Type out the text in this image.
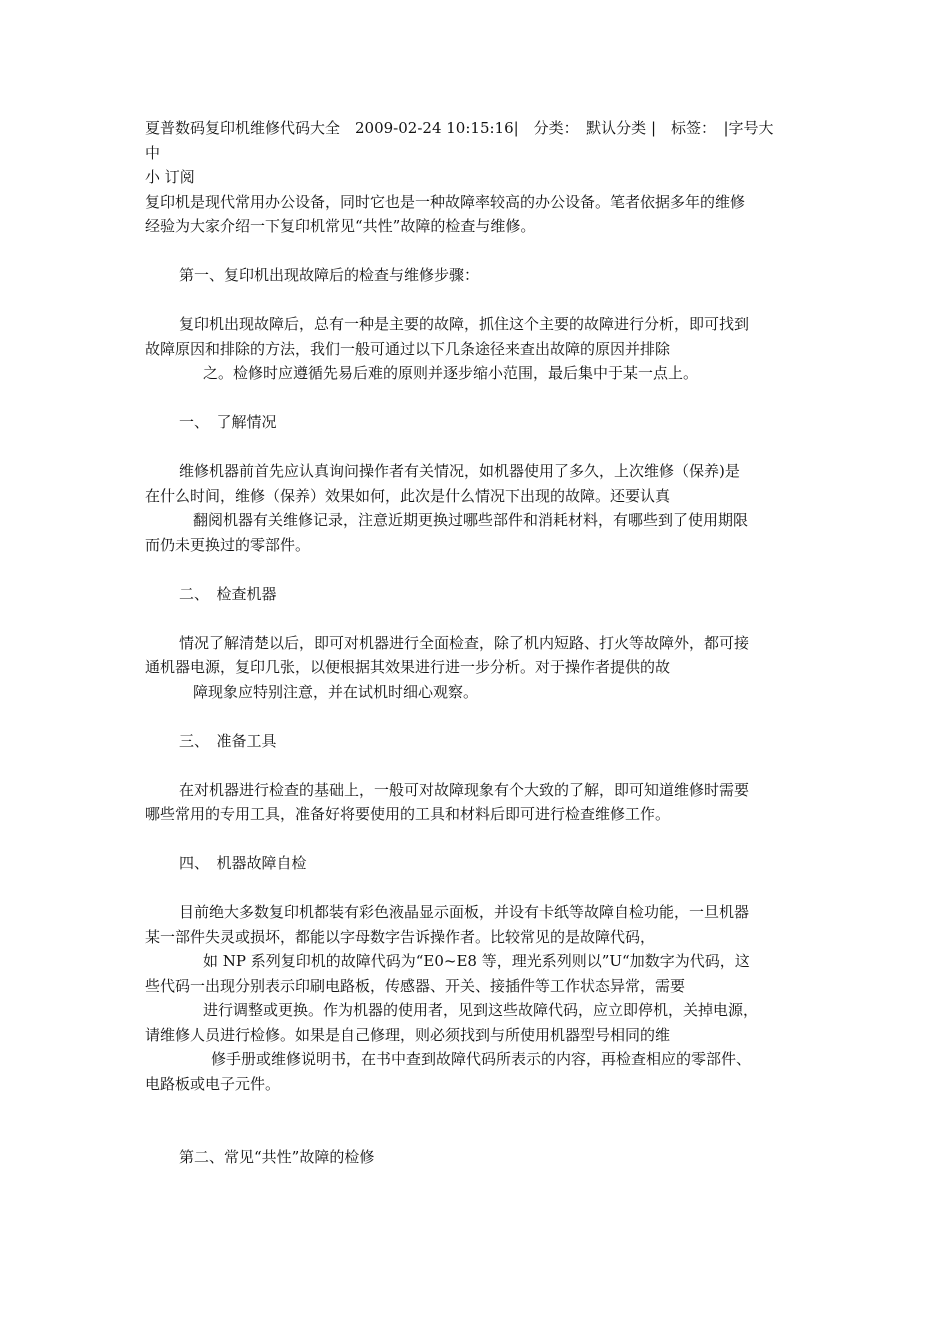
夏普数码复印机维修代码大全　2009-02-24 10:15:16|　分类：　默认分类 |　标签：　|字号大
中
小 订阅
复印机是现代常用办公设备，同时它也是一种故障率较高的办公设备。笔者依据多年的维修
经验为大家介绍一下复印机常见“共性”故障的检查与维修。
第一、复印机出现故障后的检查与维修步骤：
复印机出现故障后，总有一种是主要的故障，抓住这个主要的故障进行分析，即可找到
故障原因和排除的方法，我们一般可通过以下几条途径来查出故障的原因并排除
之。检修时应遵循先易后难的原则并逐步缩小范围，最后集中于某一点上。
一、　了解情况
维修机器前首先应认真询问操作者有关情况，如机器使用了多久，上次维修（保养)是
在什么时间，维修（保养）效果如何，此次是什么情况下出现的故障。还要认真
翻阅机器有关维修记录，注意近期更换过哪些部件和消耗材料，有哪些到了使用期限
而仍未更换过的零部件。
二、　检查机器
情况了解清楚以后，即可对机器进行全面检查，除了机内短路、打火等故障外，都可接
通机器电源，复印几张，以便根据其效果进行进一步分析。对于操作者提供的故
障现象应特别注意，并在试机时细心观察。
三、　准备工具
在对机器进行检查的基础上，一般可对故障现象有个大致的了解，即可知道维修时需要
哪些常用的专用工具，准备好将要使用的工具和材料后即可进行检查维修工作。
四、　机器故障自检
目前绝大多数复印机都装有彩色液晶显示面板，并设有卡纸等故障自检功能，一旦机器
某一部件失灵或损坏，都能以字母数字告诉操作者。比较常见的是故障代码，
如 NP 系列复印机的故障代码为“E0~E8 等，理光系列则以”U“加数字为代码，这
些代码一出现分别表示印刷电路板，传感器、开关、接插件等工作状态异常，需要
进行调整或更换。作为机器的使用者，见到这些故障代码，应立即停机，关掉电源，
请维修人员进行检修。如果是自己修理，则必须找到与所使用机器型号相同的维
修手册或维修说明书，在书中查到故障代码所表示的内容，再检查相应的零部件、
电路板或电子元件。
第二、常见“共性”故障的检修
